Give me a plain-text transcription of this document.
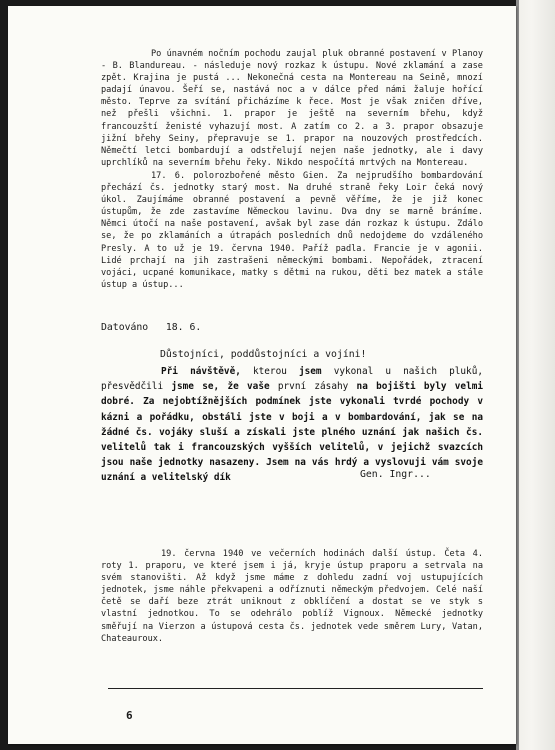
Po únavném nočním pochodu zaujal pluk obranné postavení v Planoy - B. Blandureau. - následuje nový rozkaz k ústupu. Nové zklamání a zase zpět. Krajina je pustá ... Nekonečná cesta na Montereau na Seině, mnozí padají únavou. Šeří se, nastává noc a v dálce před námi žaluje hořící město. Teprve za svítání přicházíme k řece. Most je však zničen dříve, než přešli všichni. 1. prapor je ještě na severním břehu, když francouzští ženisté vyhazují most. A zatím co 2. a 3. prapor obsazuje jižní břehy Seiny, přepravuje se 1. prapor na nouzových prostředcích. Němečtí letci bombardují a odstřelují nejen naše jednotky, ale i davy uprchlíků na severním břehu řeky. Nikdo nespočítá mrtvých na Montereau.

17. 6. polorozbořené město Gien. Za nejprudšího bombardování přechází čs. jednotky starý most. Na druhé straně řeky Loir čeká nový úkol. Zaujímáme obranné postavení a pevně věříme, že je již konec ústupům, že zde zastavíme Německou lavinu. Dva dny se marně bráníme. Němci útočí na naše postavení, avšak byl zase dán rozkaz k ústupu. Zdálo se, že po zklamáních a útrapách posledních dnů nedojdeme do vzdáleného Presly. A to už je 19. června 1940. Paříž padla. Francie je v agonii. Lidé prchají na jih zastrašeni německými bombami. Nepořádek, ztracení vojáci, ucpané komunikace, matky s dětmi na rukou, děti bez matek a stále ústup a ústup...

Datováno 18. 6.
Důstojníci, poddůstojníci a vojíni!

Při návštěvě, kterou jsem vykonal u našich pluků, přesvědčili jsme se, že vaše první zásahy na bojišti byly velmi dobré. Za nejobtížnějších podmínek jste vykonali tvrdé pochody v kázni a pořádku, obstáli jste v boji a v bombardování, jak se na žádné čs. vojáky sluší a získali jste plného uznání jak našich čs. velitelů tak i francouzských vyšších velitelů, v jejichž svazcích jsou naše jednotky nasazeny. Jsem na vás hrdý a vyslovuji vám svoje uznání a velitelský dík	Gen. Ingr...

19. června 1940 ve večerních hodinách další ústup. Četa 4. roty 1. praporu, ve které jsem i já, kryje ústup praporu a setrvala na svém stanovišti. Až když jsme máme z dohledu zadní voj ustupujících jednotek, jsme náhle překvapeni a odříznuti německým předvojem. Celé naší četě se daří beze ztrát uniknout z obklíčení a dostat se ve styk s vlastní jednotkou. To se odehrálo poblíž Vignoux. Německé jednotky směřují na Vierzon a ústupová cesta čs. jednotek vede směrem Lury, Vatan, Chateauroux.

6
